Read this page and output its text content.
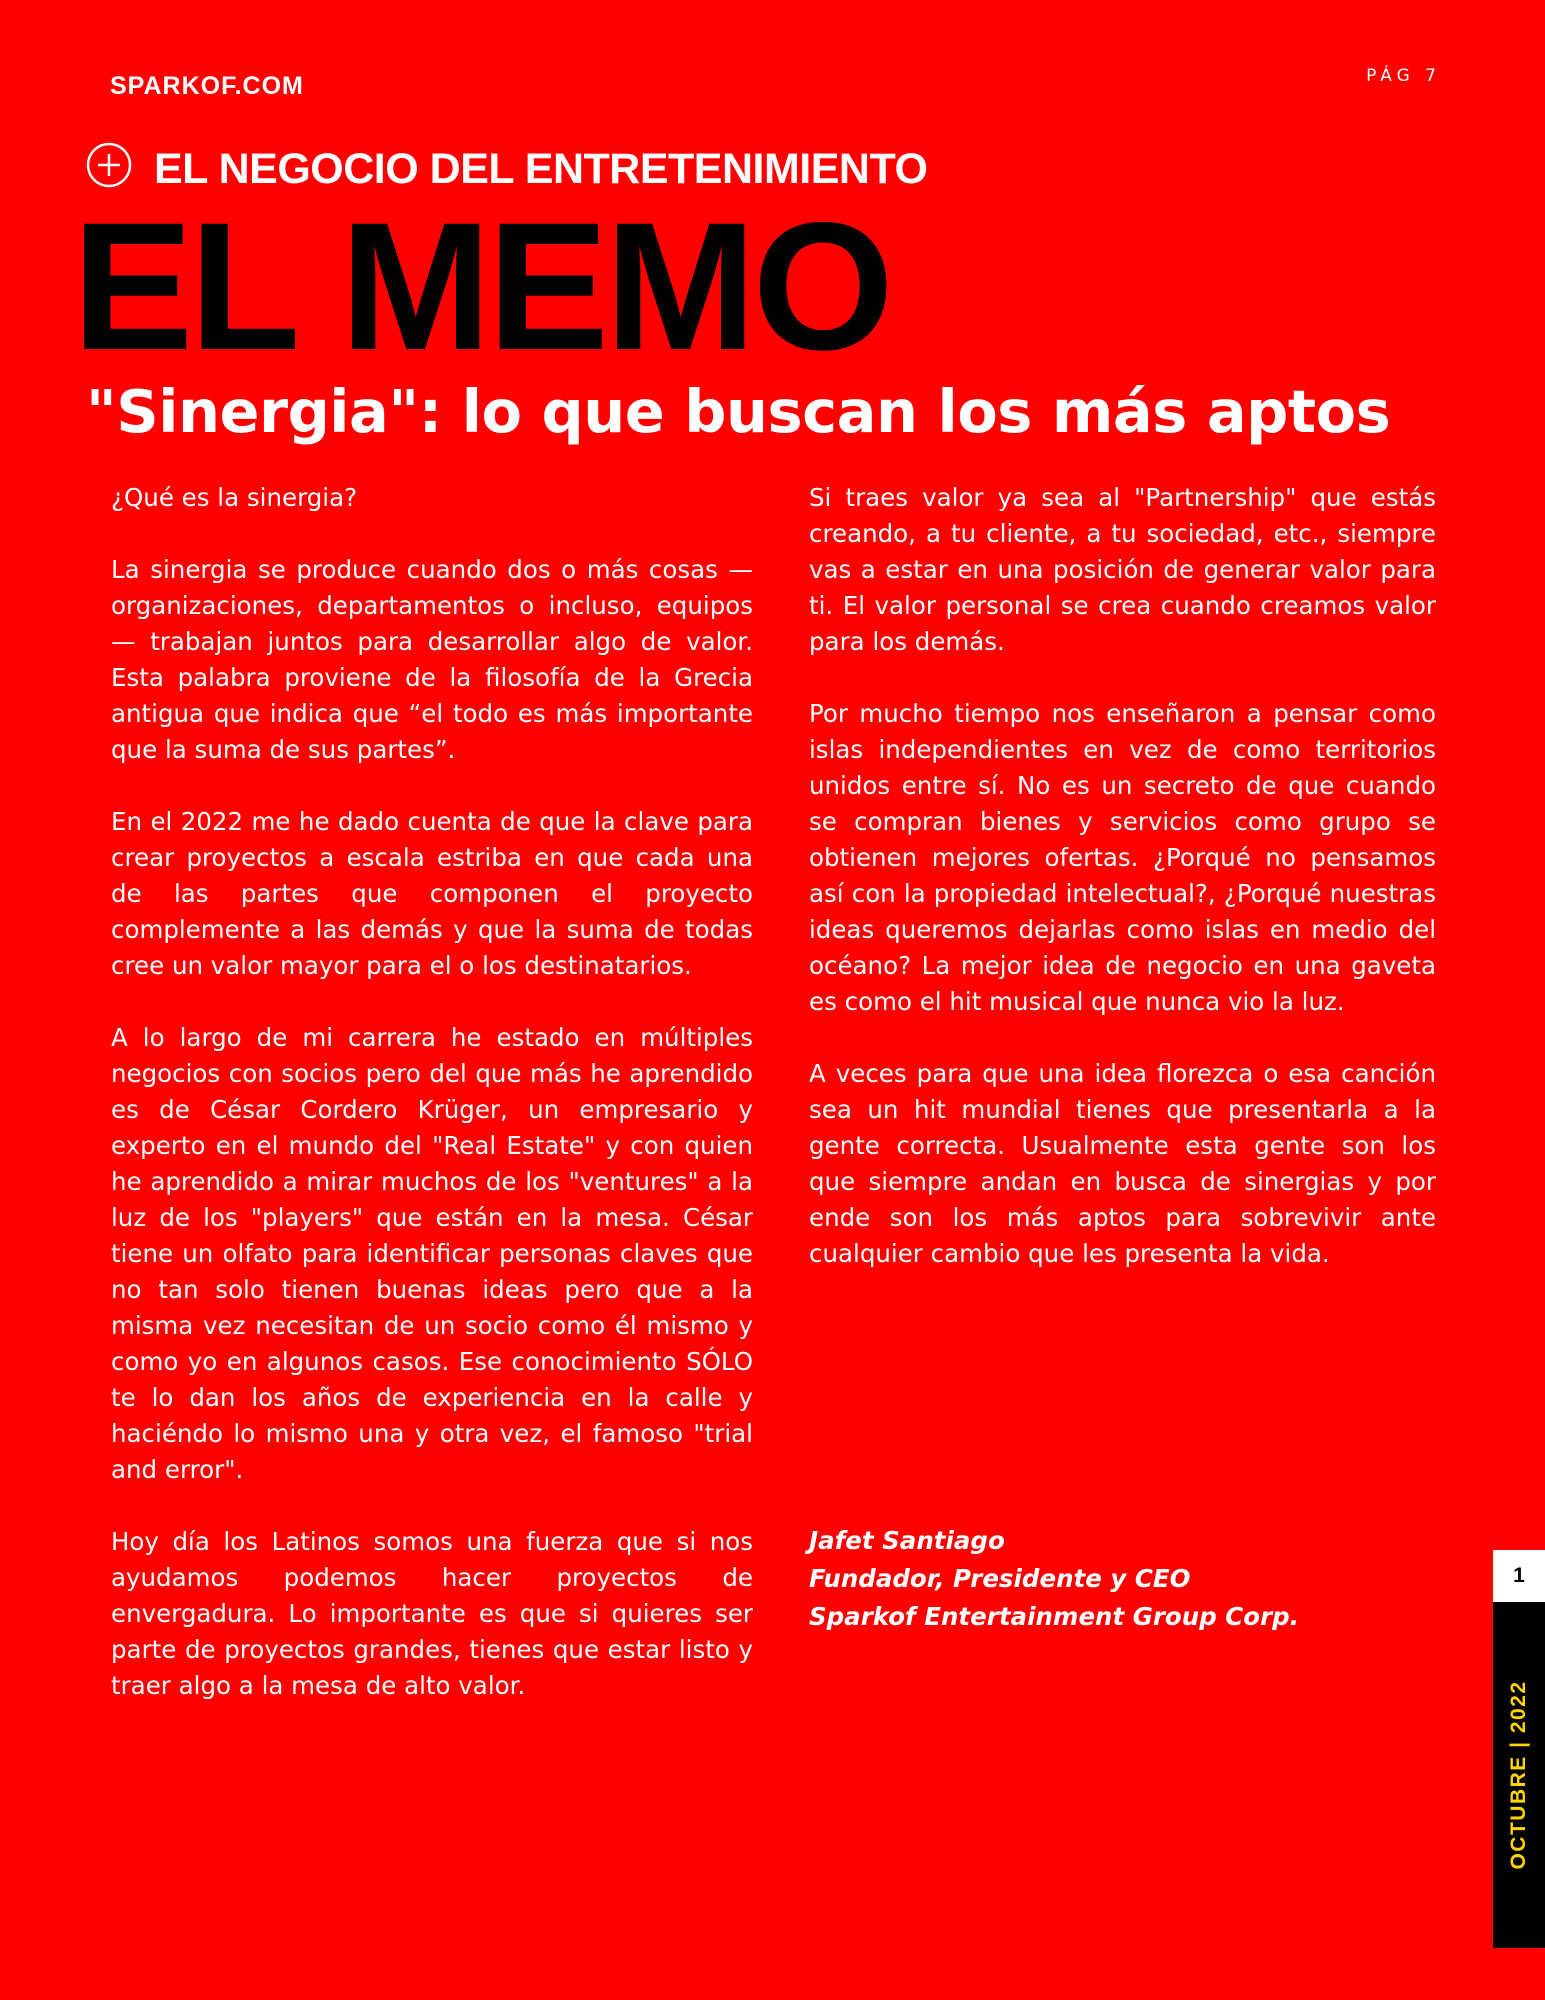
SPARKOF.COM	PÁG 7
EL NEGOCIO DEL ENTRETENIMIENTO
EL MEMO
"Sinergia": lo que buscan los más aptos

¿Qué es la sinergia?

La sinergia se produce cuando dos o más cosas — organizaciones, departamentos o incluso, equipos — trabajan juntos para desarrollar algo de valor. Esta palabra proviene de la filosofía de la Grecia antigua que indica que “el todo es más importante que la suma de sus partes”.

En el 2022 me he dado cuenta de que la clave para crear proyectos a escala estriba en que cada una de las partes que componen el proyecto complemente a las demás y que la suma de todas cree un valor mayor para el o los destinatarios.

A lo largo de mi carrera he estado en múltiples negocios con socios pero del que más he aprendido es de César Cordero Krüger, un empresario y experto en el mundo del "Real Estate" y con quien he aprendido a mirar muchos de los "ventures" a la luz de los "players" que están en la mesa. César tiene un olfato para identificar personas claves que no tan solo tienen buenas ideas pero que a la misma vez necesitan de un socio como él mismo y como yo en algunos casos. Ese conocimiento SÓLO te lo dan los años de experiencia en la calle y haciéndo lo mismo una y otra vez, el famoso "trial and error".

Hoy día los Latinos somos una fuerza que si nos ayudamos podemos hacer proyectos de envergadura. Lo importante es que si quieres ser parte de proyectos grandes, tienes que estar listo y traer algo a la mesa de alto valor.

Si traes valor ya sea al "Partnership" que estás creando, a tu cliente, a tu sociedad, etc., siempre vas a estar en una posición de generar valor para ti. El valor personal se crea cuando creamos valor para los demás.

Por mucho tiempo nos enseñaron a pensar como islas independientes en vez de como territorios unidos entre sí. No es un secreto de que cuando se compran bienes y servicios como grupo se obtienen mejores ofertas. ¿Porqué no pensamos así con la propiedad intelectual?, ¿Porqué nuestras ideas queremos dejarlas como islas en medio del océano? La mejor idea de negocio en una gaveta es como el hit musical que nunca vio la luz.

A veces para que una idea florezca o esa canción sea un hit mundial tienes que presentarla a la gente correcta. Usualmente esta gente son los que siempre andan en busca de sinergias y por ende son los más aptos para sobrevivir ante cualquier cambio que les presenta la vida.

Jafet Santiago
Fundador, Presidente y CEO
Sparkof Entertainment Group Corp.
1
OCTUBRE | 2022
